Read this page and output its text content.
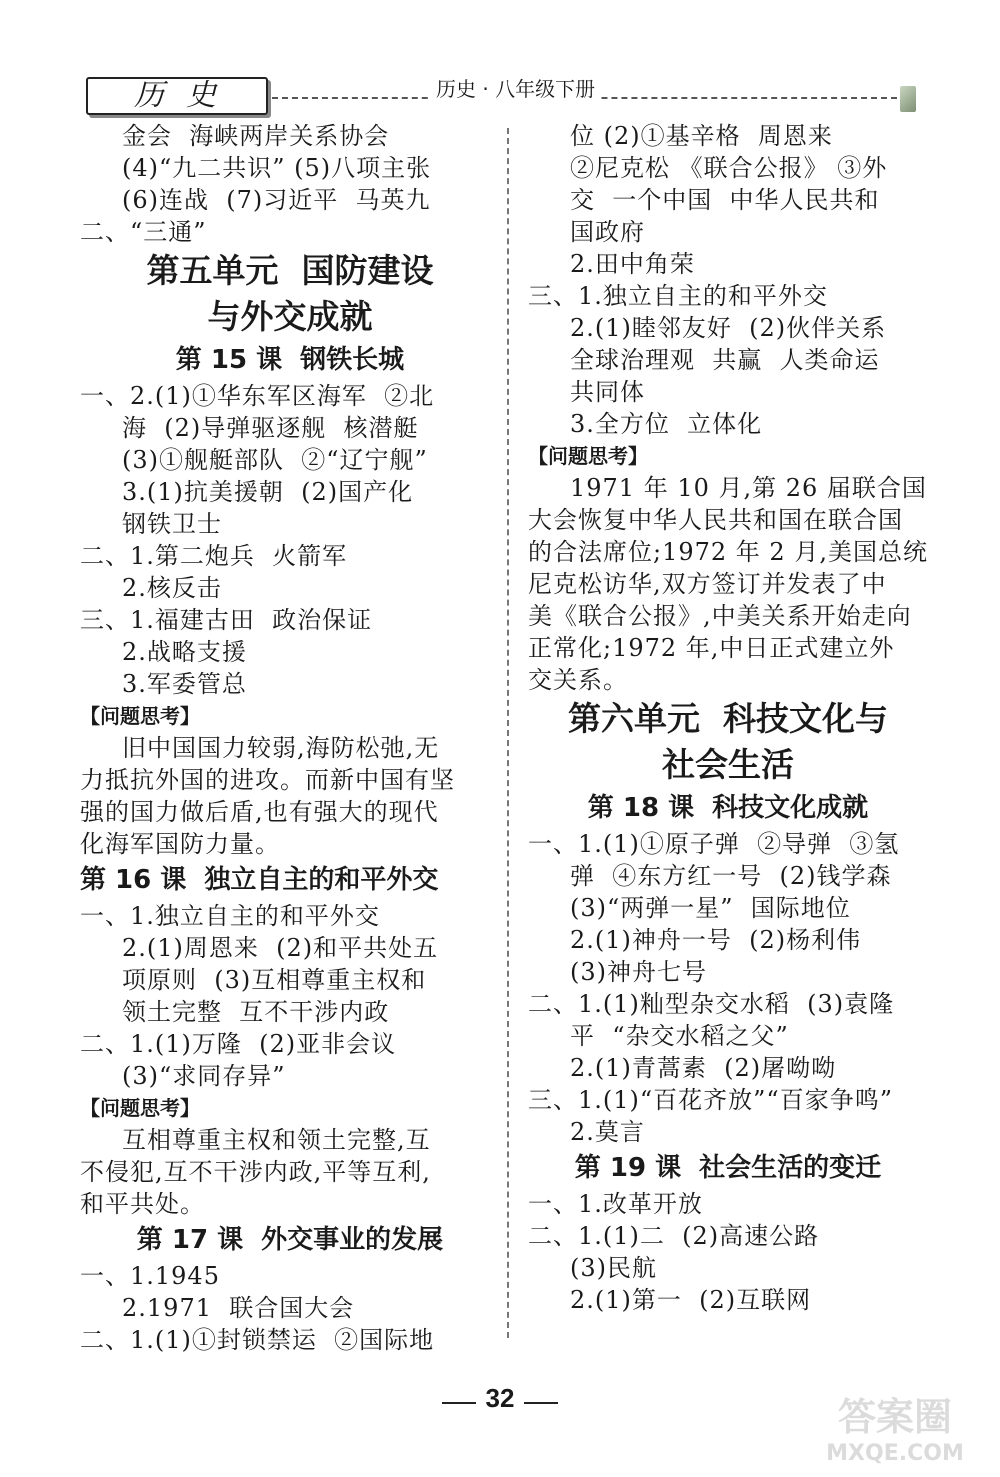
历史	历史 · 八年级下册
金会  海峡两岸关系协会
(4)“九二共识” (5)八项主张
(6)连战  (7)习近平  马英九
二、“三通”
第五单元  国防建设
与外交成就
第 15 课  钢铁长城
一、2.(1)①华东军区海军  ②北
海  (2)导弹驱逐舰  核潜艇
(3)①舰艇部队  ②“辽宁舰”
3.(1)抗美援朝  (2)国产化
钢铁卫士
二、1.第二炮兵  火箭军
2.核反击
三、1.福建古田  政治保证
2.战略支援
3.军委管总
【问题思考】
旧中国国力较弱,海防松弛,无
力抵抗外国的进攻。而新中国有坚
强的国力做后盾,也有强大的现代
化海军国防力量。
第 16 课  独立自主的和平外交
一、1.独立自主的和平外交
2.(1)周恩来  (2)和平共处五
项原则  (3)互相尊重主权和
领土完整  互不干涉内政
二、1.(1)万隆  (2)亚非会议
(3)“求同存异”
【问题思考】
互相尊重主权和领土完整,互
不侵犯,互不干涉内政,平等互利,
和平共处。
第 17 课  外交事业的发展
一、1.1945
2.1971  联合国大会
二、1.(1)①封锁禁运  ②国际地
位 (2)①基辛格  周恩来
②尼克松 《联合公报》 ③外
交  一个中国  中华人民共和
国政府
2.田中角荣
三、1.独立自主的和平外交
2.(1)睦邻友好  (2)伙伴关系
全球治理观  共赢  人类命运
共同体
3.全方位  立体化
【问题思考】
1971 年 10 月,第 26 届联合国
大会恢复中华人民共和国在联合国
的合法席位;1972 年 2 月,美国总统
尼克松访华,双方签订并发表了中
美《联合公报》,中美关系开始走向
正常化;1972 年,中日正式建立外
交关系。
第六单元  科技文化与
社会生活
第 18 课  科技文化成就
一、1.(1)①原子弹  ②导弹  ③氢
弹  ④东方红一号  (2)钱学森
(3)“两弹一星”  国际地位
2.(1)神舟一号  (2)杨利伟
(3)神舟七号
二、1.(1)籼型杂交水稻  (3)袁隆
平  “杂交水稻之父”
2.(1)青蒿素  (2)屠呦呦
三、1.(1)“百花齐放”“百家争鸣”
2.莫言
第 19 课  社会生活的变迁
一、1.改革开放
二、1.(1)二  (2)高速公路
(3)民航
2.(1)第一  (2)互联网
32	答案圈
MXQE.COM
